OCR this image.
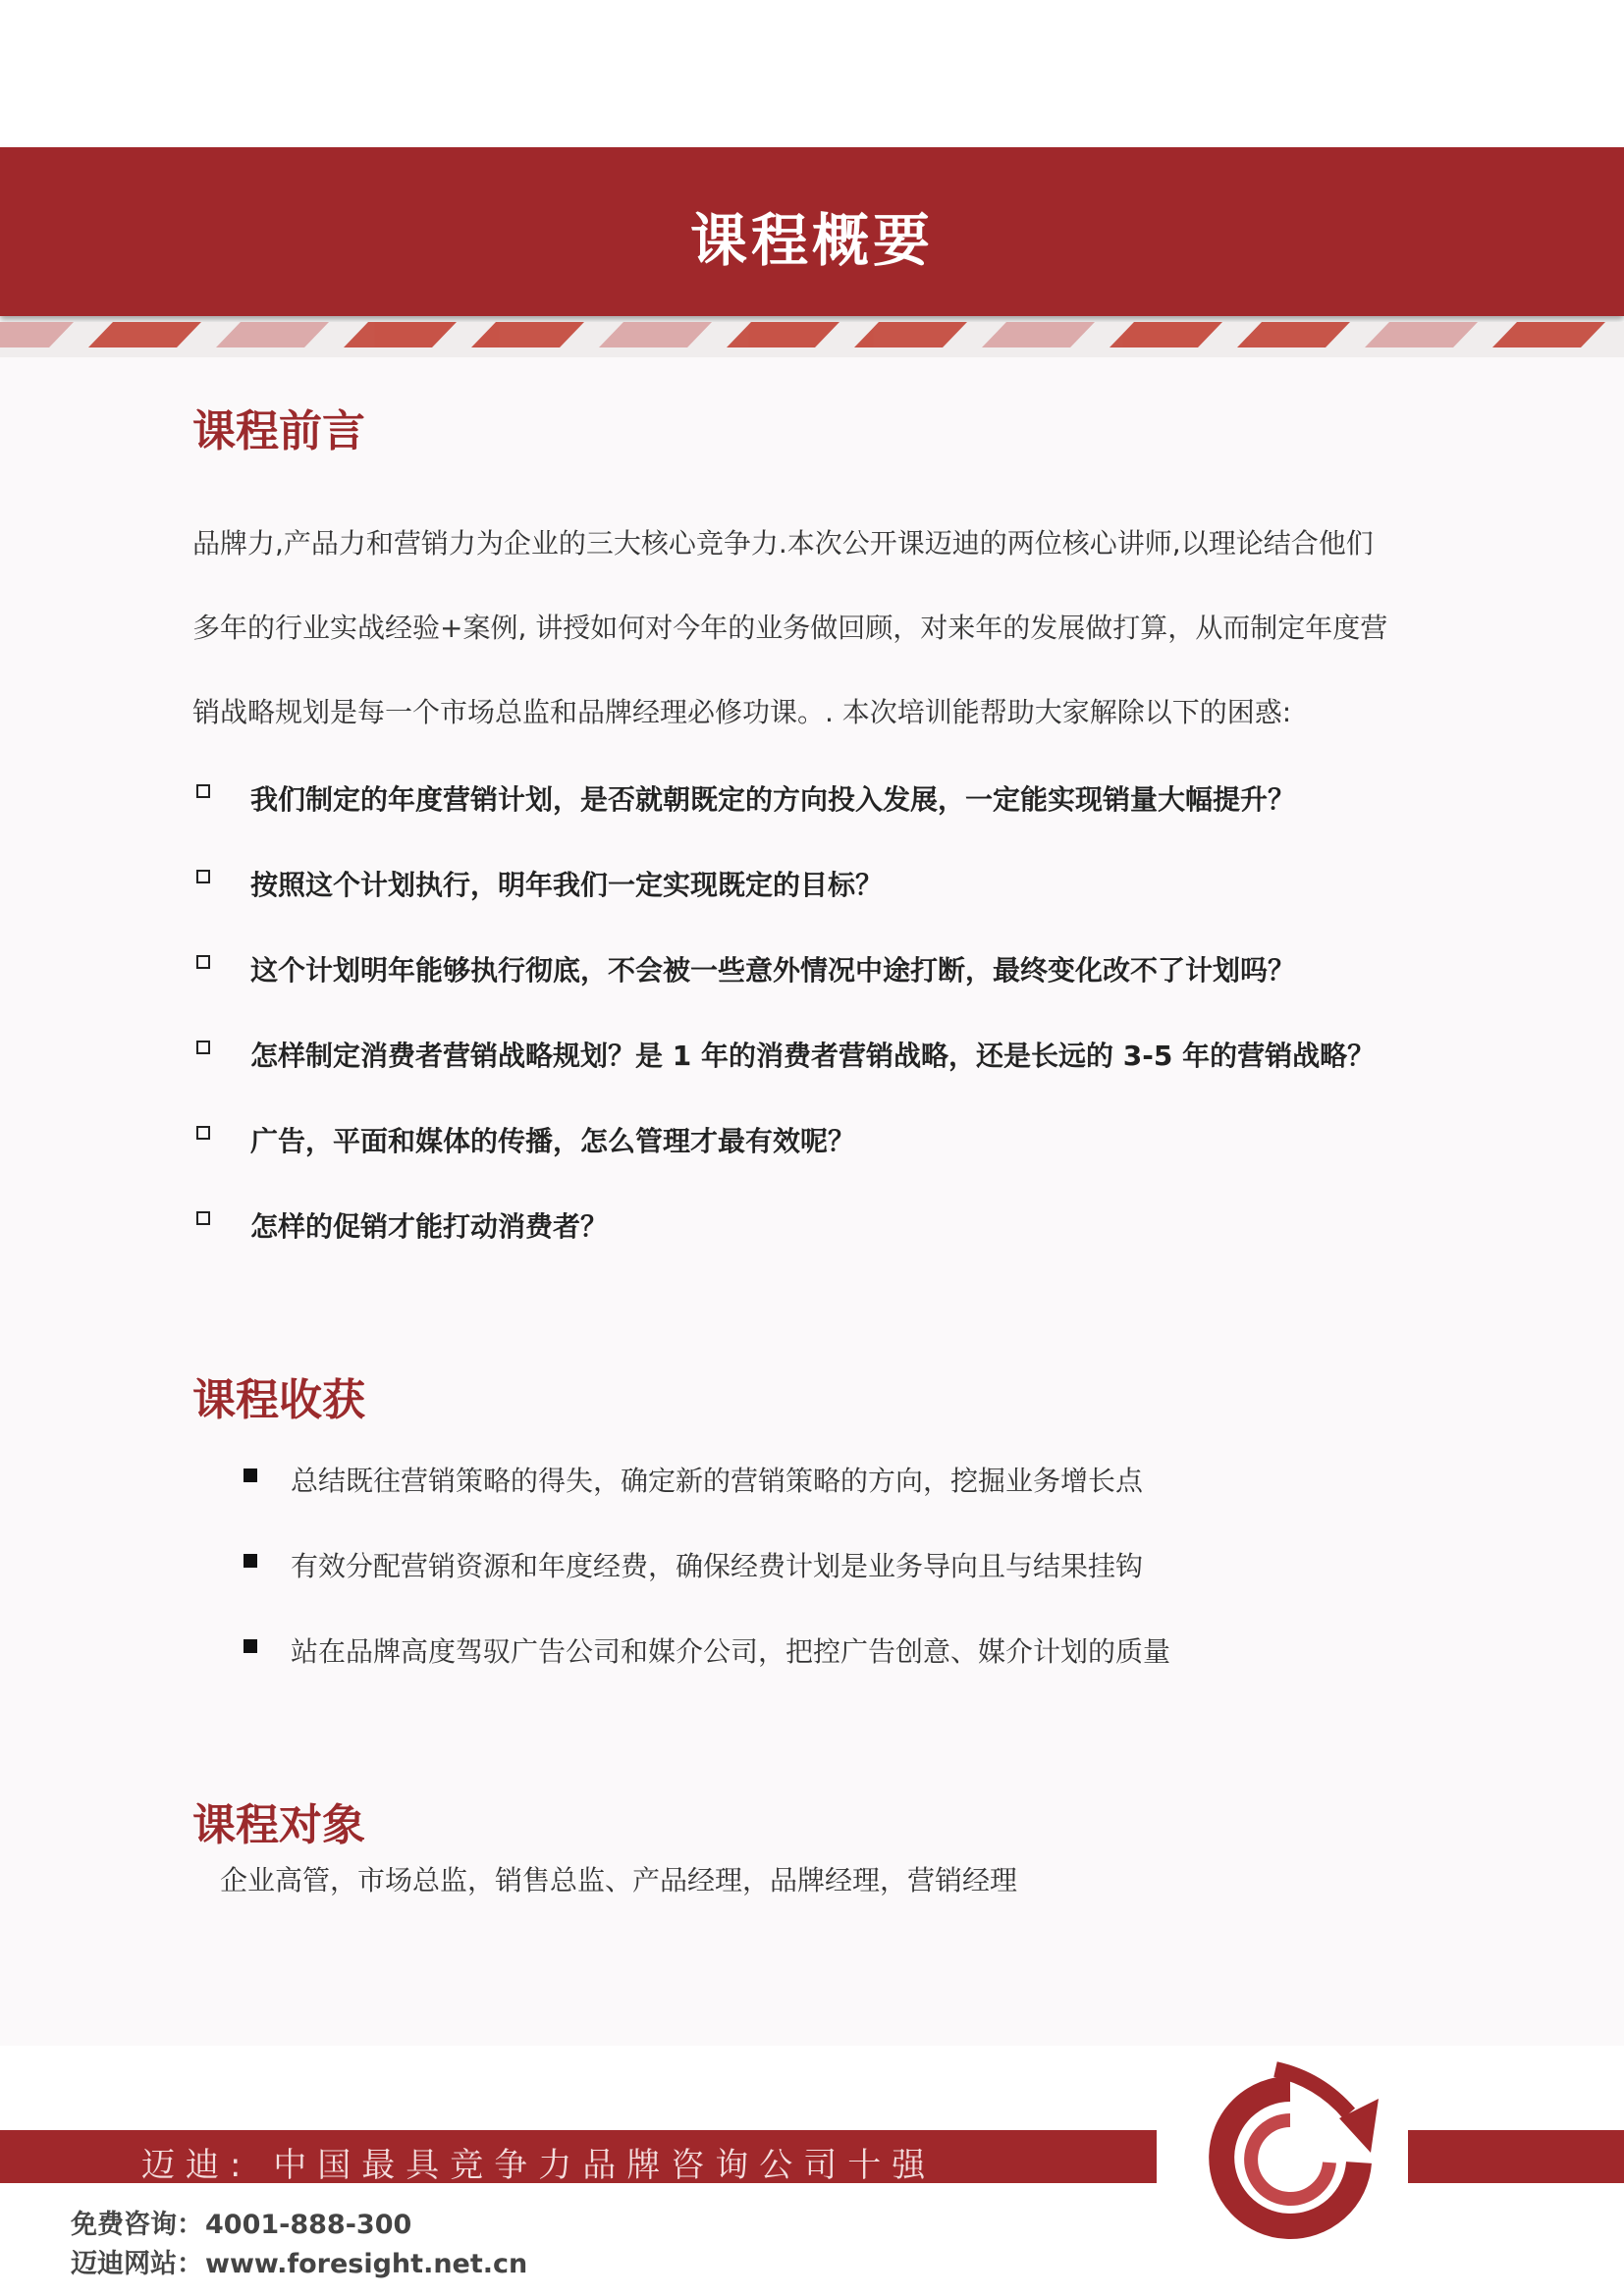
课程概要
课程前言
品牌力,产品力和营销力为企业的三大核心竞争力.本次公开课迈迪的两位核心讲师,以理论结合他们
多年的行业实战经验+案例, 讲授如何对今年的业务做回顾，对来年的发展做打算，从而制定年度营
销战略规划是每一个市场总监和品牌经理必修功课。. 本次培训能帮助大家解除以下的困惑:
我们制定的年度营销计划，是否就朝既定的方向投入发展，一定能实现销量大幅提升？
按照这个计划执行，明年我们一定实现既定的目标？
这个计划明年能够执行彻底，不会被一些意外情况中途打断，最终变化改不了计划吗？
怎样制定消费者营销战略规划？是 1 年的消费者营销战略，还是长远的 3-5 年的营销战略？
广告，平面和媒体的传播，怎么管理才最有效呢？
怎样的促销才能打动消费者？
课程收获
总结既往营销策略的得失，确定新的营销策略的方向，挖掘业务增长点
有效分配营销资源和年度经费，确保经费计划是业务导向且与结果挂钩
站在品牌高度驾驭广告公司和媒介公司，把控广告创意、媒介计划的质量
课程对象
企业高管，市场总监，销售总监、产品经理，品牌经理，营销经理
迈迪: 中国最具竞争力品牌咨询公司十强
免费咨询：4001-888-300
迈迪网站：www.foresight.net.cn
